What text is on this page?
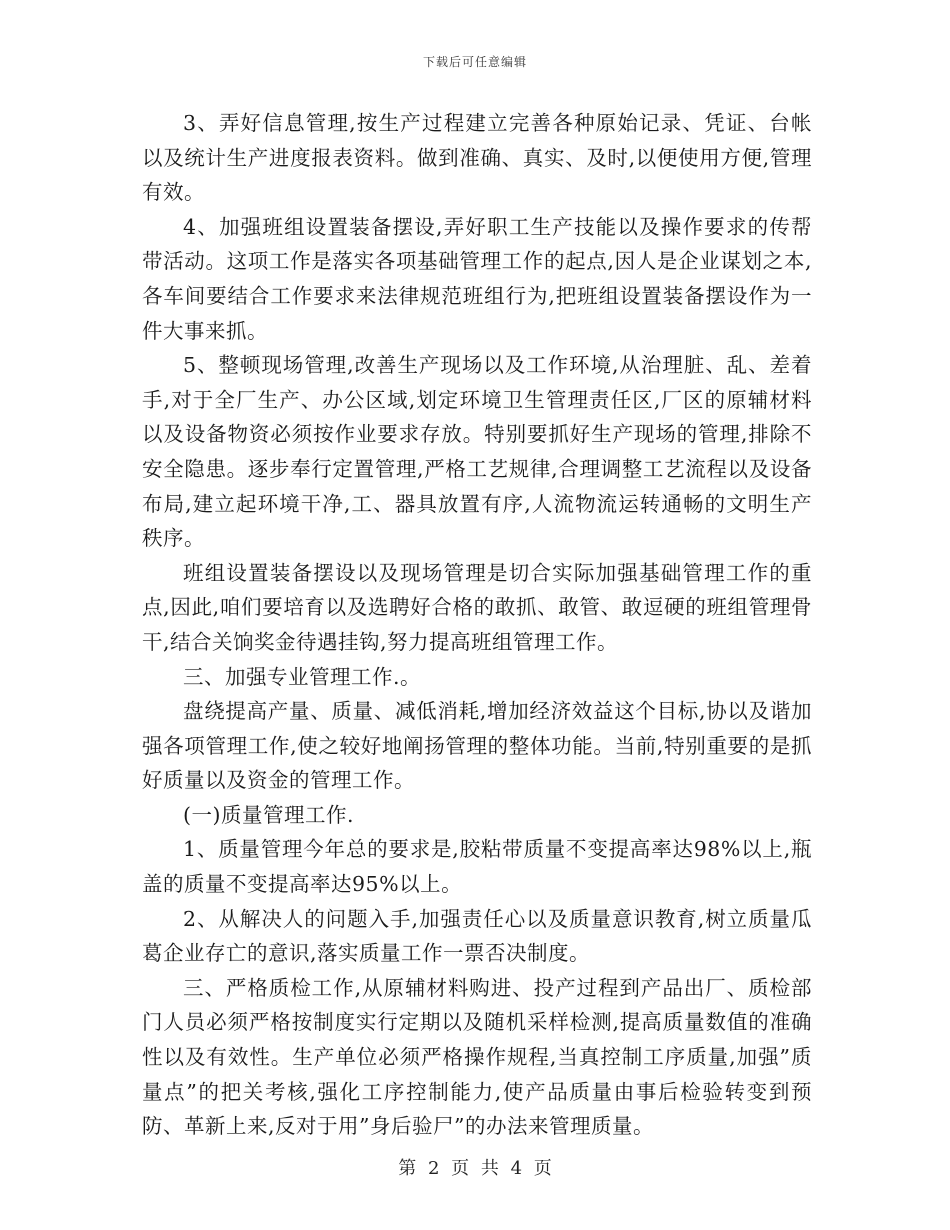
下载后可任意编辑

3、弄好信息管理,按生产过程建立完善各种原始记录、凭证、台帐以及统计生产进度报表资料。做到准确、真实、及时,以便使用方便,管理有效。

4、加强班组设置装备摆设,弄好职工生产技能以及操作要求的传帮带活动。这项工作是落实各项基础管理工作的起点,因人是企业谋划之本,各车间要结合工作要求来法律规范班组行为,把班组设置装备摆设作为一件大事来抓。

5、整顿现场管理,改善生产现场以及工作环境,从治理脏、乱、差着手,对于全厂生产、办公区域,划定环境卫生管理责任区,厂区的原辅材料以及设备物资必须按作业要求存放。特别要抓好生产现场的管理,排除不安全隐患。逐步奉行定置管理,严格工艺规律,合理调整工艺流程以及设备布局,建立起环境干净,工、器具放置有序,人流物流运转通畅的文明生产秩序。

班组设置装备摆设以及现场管理是切合实际加强基础管理工作的重点,因此,咱们要培育以及选聘好合格的敢抓、敢管、敢逗硬的班组管理骨干,结合关饷奖金待遇挂钩,努力提高班组管理工作。

三、加强专业管理工作.。

盘绕提高产量、质量、减低消耗,增加经济效益这个目标,协以及谐加强各项管理工作,使之较好地阐扬管理的整体功能。当前,特别重要的是抓好质量以及资金的管理工作。

(一)质量管理工作.

1、质量管理今年总的要求是,胶粘带质量不变提高率达98%以上,瓶盖的质量不变提高率达95%以上。

2、从解决人的问题入手,加强责任心以及质量意识教育,树立质量瓜葛企业存亡的意识,落实质量工作一票否决制度。

三、严格质检工作,从原辅材料购进、投产过程到产品出厂、质检部门人员必须严格按制度实行定期以及随机采样检测,提高质量数值的准确性以及有效性。生产单位必须严格操作规程,当真控制工序质量,加强”质量点”的把关考核,强化工序控制能力,使产品质量由事后检验转变到预防、革新上来,反对于用”身后验尸”的办法来管理质量。

第 2 页 共 4 页
